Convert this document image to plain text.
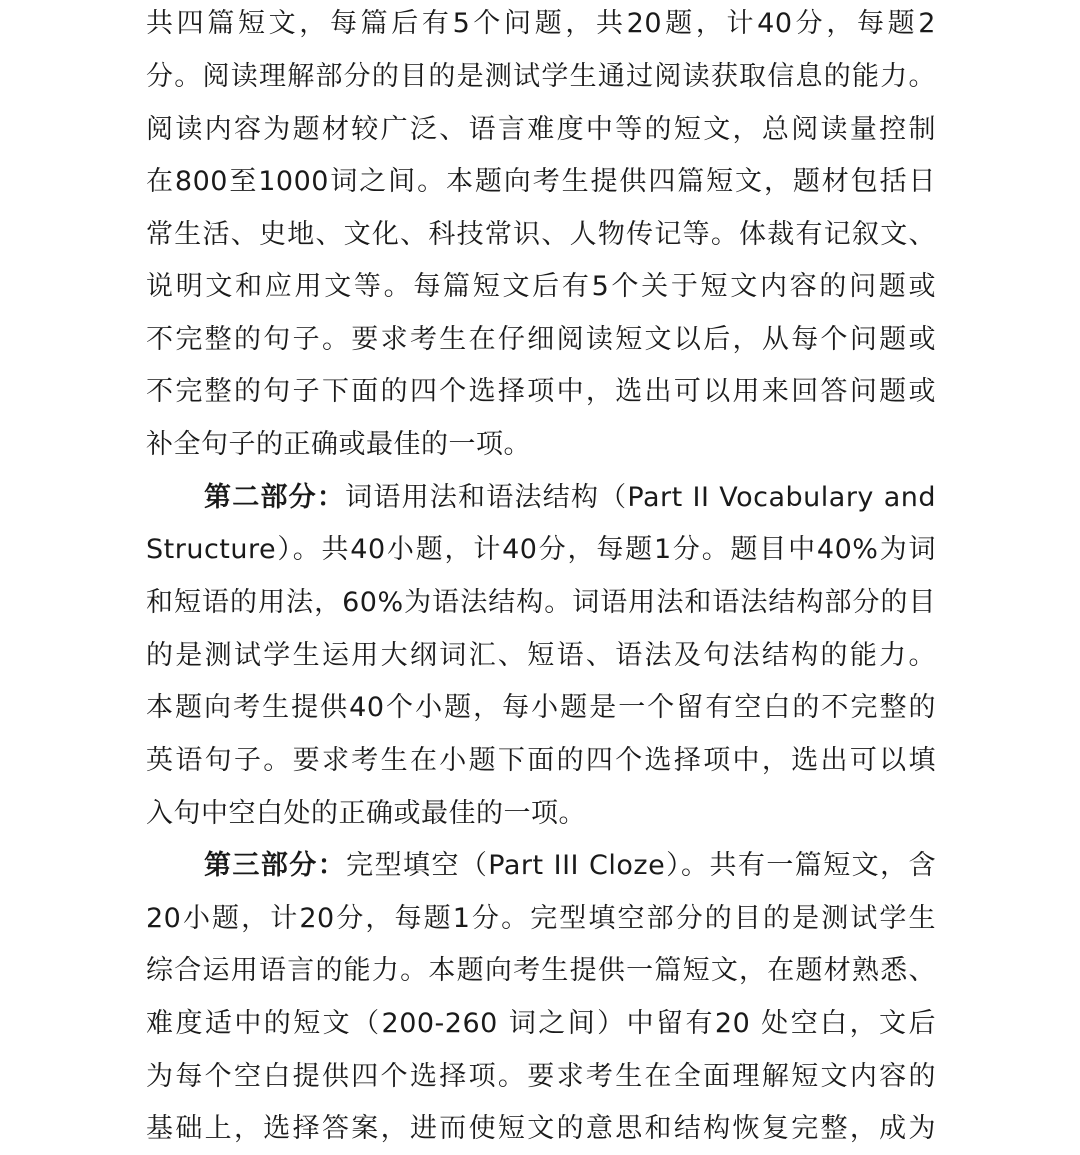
共四篇短文，每篇后有5个问题，共20题，计40分，每题2
分。阅读理解部分的目的是测试学生通过阅读获取信息的能力。
阅读内容为题材较广泛、语言难度中等的短文，总阅读量控制
在800至1000词之间。本题向考生提供四篇短文，题材包括日
常生活、史地、文化、科技常识、人物传记等。体裁有记叙文、
说明文和应用文等。每篇短文后有5个关于短文内容的问题或
不完整的句子。要求考生在仔细阅读短文以后，从每个问题或
不完整的句子下面的四个选择项中，选出可以用来回答问题或
补全句子的正确或最佳的一项。
第二部分：词语用法和语法结构（Part II Vocabulary and
Structure）。共40小题，计40分，每题1分。题目中40%为词
和短语的用法，60%为语法结构。词语用法和语法结构部分的目
的是测试学生运用大纲词汇、短语、语法及句法结构的能力。
本题向考生提供40个小题，每小题是一个留有空白的不完整的
英语句子。要求考生在小题下面的四个选择项中，选出可以填
入句中空白处的正确或最佳的一项。
第三部分：完型填空（Part III Cloze）。共有一篇短文，含
20小题，计20分，每题1分。完型填空部分的目的是测试学生
综合运用语言的能力。本题向考生提供一篇短文，在题材熟悉、
难度适中的短文（200-260 词之间）中留有20 处空白，文后
为每个空白提供四个选择项。要求考生在全面理解短文内容的
基础上，选择答案，进而使短文的意思和结构恢复完整，成为
